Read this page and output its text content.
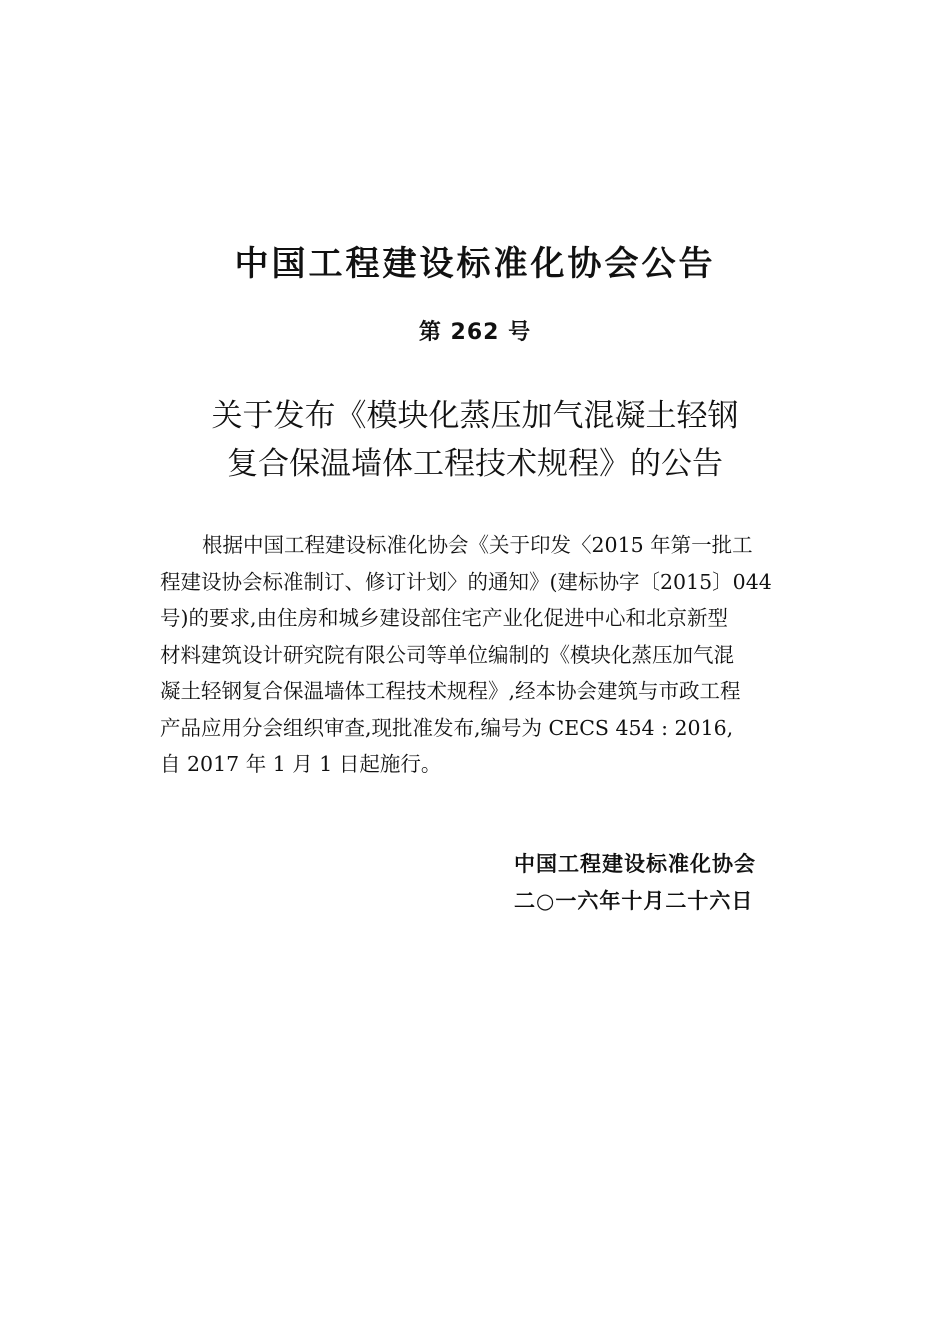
中国工程建设标准化协会公告
第 262 号
关于发布《模块化蒸压加气混凝土轻钢
复合保温墙体工程技术规程》的公告
根据中国工程建设标准化协会《关于印发〈2015 年第一批工
程建设协会标准制订、修订计划〉的通知》(建标协字〔2015〕044
号)的要求,由住房和城乡建设部住宅产业化促进中心和北京新型
材料建筑设计研究院有限公司等单位编制的《模块化蒸压加气混
凝土轻钢复合保温墙体工程技术规程》,经本协会建筑与市政工程
产品应用分会组织审查,现批准发布,编号为 CECS 454 : 2016,
自 2017 年 1 月 1 日起施行。
中国工程建设标准化协会
二○一六年十月二十六日
